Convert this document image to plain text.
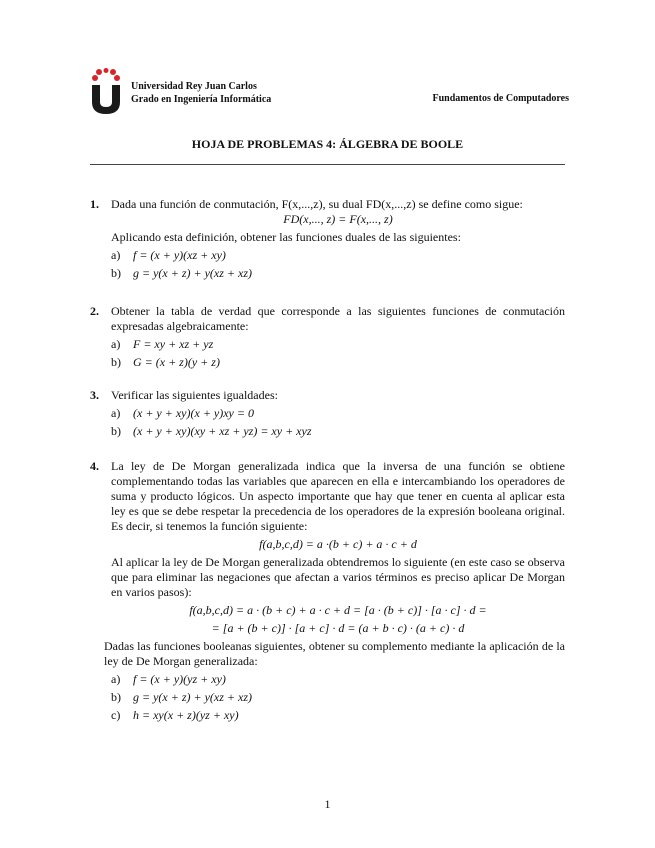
Universidad Rey Juan Carlos
Grado en Ingeniería Informática	Fundamentos de Computadores
HOJA DE PROBLEMAS 4: ÁLGEBRA DE BOOLE
1. Dada una función de conmutación, F(x,...,z), su dual FD(x,...,z) se define como sigue:
FD(x,..., z) = F(x,..., z)
Aplicando esta definición, obtener las funciones duales de las siguientes:
a) f = (x + y)(xz + xy)
b) g = y(x + z) + y(xz + xz)
2. Obtener la tabla de verdad que corresponde a las siguientes funciones de conmutación expresadas algebraicamente:
a) F = xy + xz + yz
b) G = (x + z)(y + z)
3. Verificar las siguientes igualdades:
a) (x + y + xy)(x + y)xy = 0
b) (x + y + xy)(xy + xz + yz) = xy + xyz
4. La ley de De Morgan generalizada indica que la inversa de una función se obtiene complementando todas las variables que aparecen en ella e intercambiando los operadores de suma y producto lógicos. Un aspecto importante que hay que tener en cuenta al aplicar esta ley es que se debe respetar la precedencia de los operadores de la expresión booleana original. Es decir, si tenemos la función siguiente:
f(a,b,c,d) = a ·(b + c) + a · c + d
Al aplicar la ley de De Morgan generalizada obtendremos lo siguiente (en este caso se observa que para eliminar las negaciones que afectan a varios términos es preciso aplicar De Morgan en varios pasos):
f(a,b,c,d) = a · (b + c) + a · c + d = [a · (b + c)] · [a · c] · d =
= [a + (b + c)] · [a + c] · d = (a + b · c) · (a + c) · d
Dadas las funciones booleanas siguientes, obtener su complemento mediante la aplicación de la ley de De Morgan generalizada:
a) f = (x + y)(yz + xy)
b) g = y(x + z) + y(xz + xz)
c) h = xy(x + z)(yz + xy)
1
